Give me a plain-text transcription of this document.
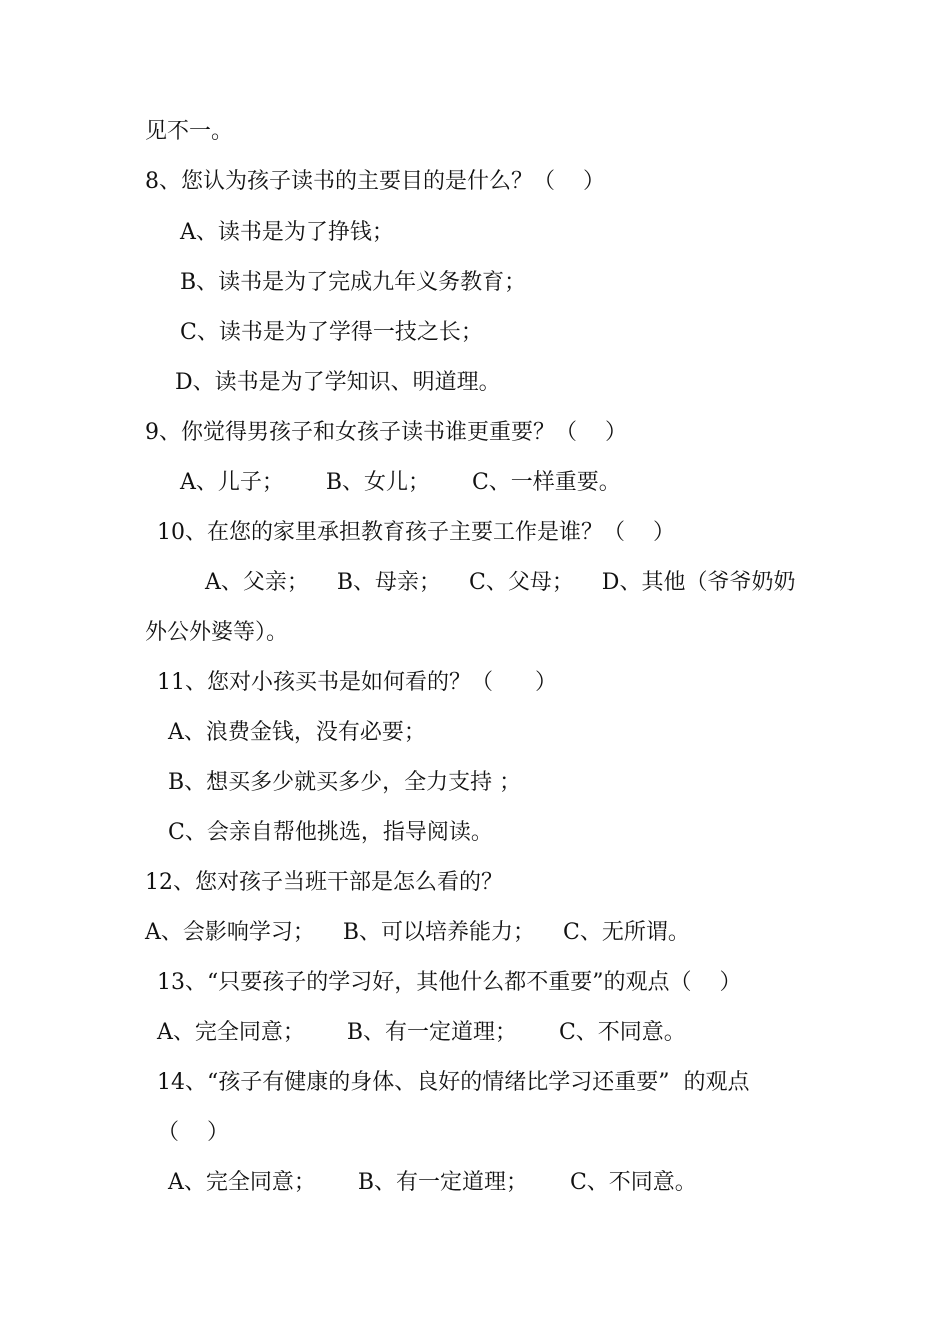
见不一。
8、您认为孩子读书的主要目的是什么？（    ）
A、读书是为了挣钱；
B、读书是为了完成九年义务教育；
C、读书是为了学得一技之长；
D、读书是为了学知识、明道理。
9、你觉得男孩子和女孩子读书谁更重要？（    ）
A、儿子；      B、女儿；      C、一样重要。
10、在您的家里承担教育孩子主要工作是谁？（    ）
A、父亲；    B、母亲；    C、父母；    D、其他（爷爷奶奶
外公外婆等）。
11、您对小孩买书是如何看的？（      ）
A、浪费金钱，没有必要；
B、想买多少就买多少，全力支持 ；
C、会亲自帮他挑选，指导阅读。
12、您对孩子当班干部是怎么看的？
A、会影响学习；    B、可以培养能力；    C、无所谓。
13、“只要孩子的学习好，其他什么都不重要”的观点（    ）
A、完全同意；      B、有一定道理；      C、不同意。
14、“孩子有健康的身体、良好的情绪比学习还重要”  的观点
（    ）
A、完全同意；      B、有一定道理；      C、不同意。
